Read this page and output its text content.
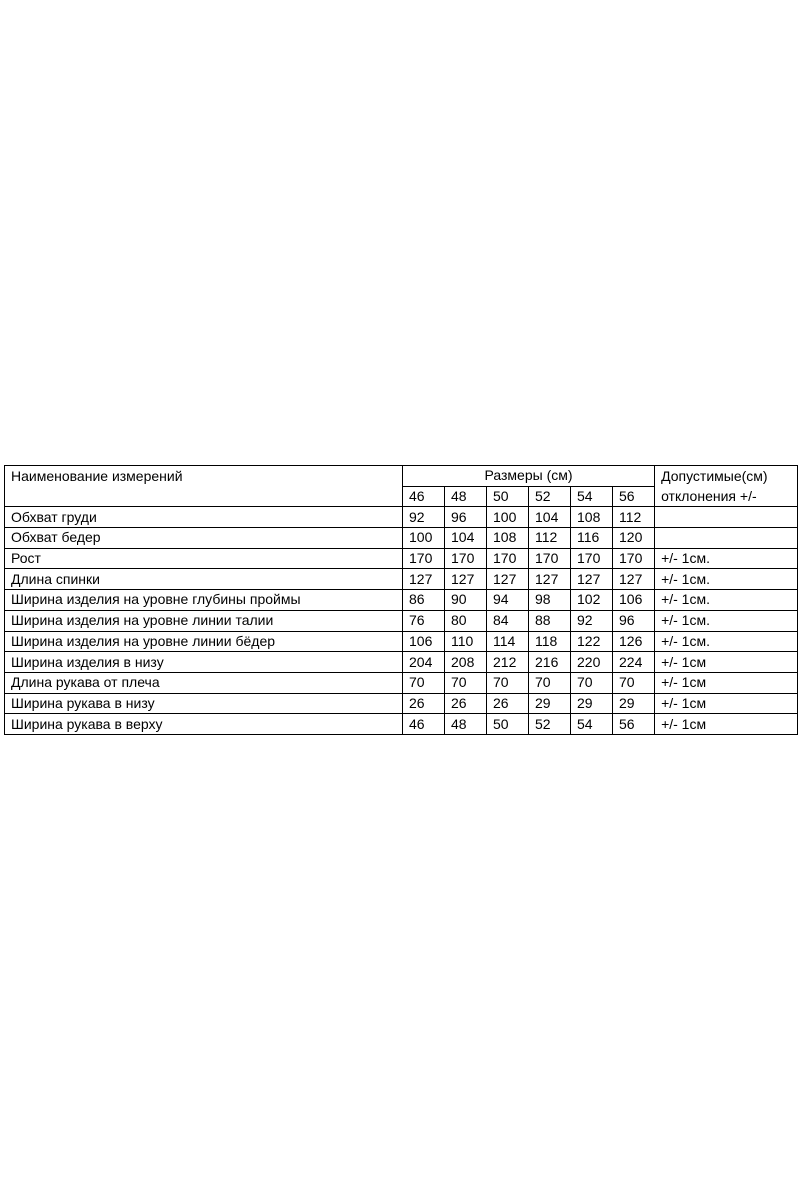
Наименование измерений	Размеры (см)						Допустимые(см)
отклонения +/-

	46	48	50	52	54	56	
Обхват груди	92	96	100	104	108	112	
Обхват бедер	100	104	108	112	116	120	
Рост	170	170	170	170	170	170	+/- 1см.
Длина спинки	127	127	127	127	127	127	+/- 1см.
Ширина изделия на уровне глубины проймы	86	90	94	98	102	106	+/- 1см.
Ширина изделия на уровне линии талии	76	80	84	88	92	96	+/- 1см.
Ширина изделия на уровне линии бёдер	106	110	114	118	122	126	+/- 1см.
Ширина изделия в низу	204	208	212	216	220	224	+/- 1см
Длина рукава от плеча	70	70	70	70	70	70	+/- 1см
Ширина рукава в низу	26	26	26	29	29	29	+/- 1см
Ширина рукава в верху	46	48	50	52	54	56	+/- 1см
